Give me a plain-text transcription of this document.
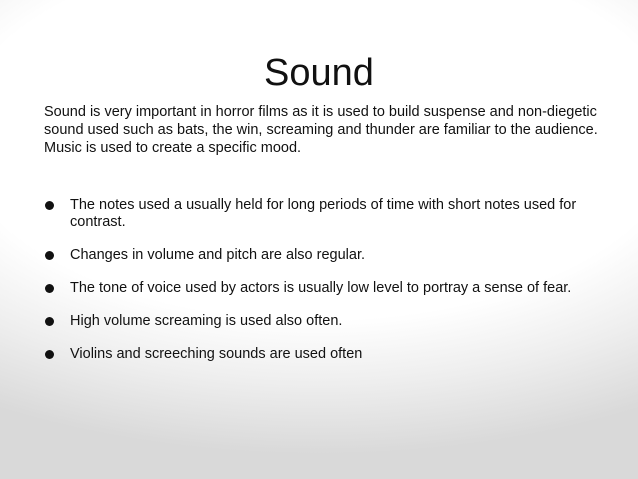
Sound
Sound is very important in horror films as it is used to build suspense and non-diegetic sound used such as bats, the win, screaming and thunder are familiar to the audience. Music is used to create a specific mood.
The notes used a usually held for long periods of time with short notes used for contrast.
Changes in volume and pitch are also regular.
The tone of voice used by actors is usually low level to portray a sense of fear.
High volume screaming is used also often.
Violins and screeching sounds are used often
